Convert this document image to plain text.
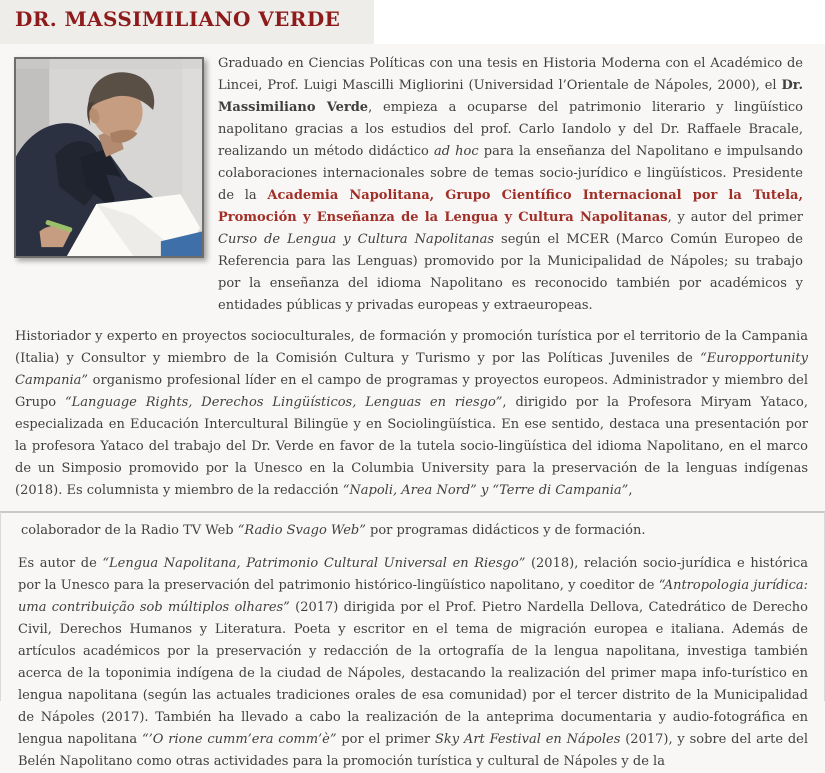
DR. MASSIMILIANO VERDE
Graduado en Ciencias Políticas con una tesis en Historia Moderna con el Académico de Lincei, Prof. Luigi Mascilli Migliorini (Universidad l’Orientale de Nápoles, 2000), el Dr. Massimiliano Verde, empieza a ocuparse del patrimonio literario y lingüístico napolitano gracias a los estudios del prof. Carlo Iandolo y del Dr. Raffaele Bracale, realizando un método didáctico ad hoc para la enseñanza del Napolitano e impulsando colaboraciones internacionales sobre de temas socio-jurídico e lingüísticos. Presidente de la Academia Napolitana, Grupo Científico Internacional por la Tutela, Promoción y Enseñanza de la Lengua y Cultura Napolitanas, y autor del primer Curso de Lengua y Cultura Napolitanas según el MCER (Marco Común Europeo de Referencia para las Lenguas) promovido por la Municipalidad de Nápoles; su trabajo por la enseñanza del idioma Napolitano es reconocido también por académicos y entidades públicas y privadas europeas y extraeuropeas.
Historiador y experto en proyectos socioculturales, de formación y promoción turística por el territorio de la Campania (Italia) y Consultor y miembro de la Comisión Cultura y Turismo y por las Políticas Juveniles de “Europportunity Campania” organismo profesional líder en el campo de programas y proyectos europeos. Administrador y miembro del Grupo “Language Rights, Derechos Lingüísticos, Lenguas en riesgo”, dirigido por la Profesora Miryam Yataco, especializada en Educación Intercultural Bilingüe y en Sociolingüística. En ese sentido, destaca una presentación por la profesora Yataco del trabajo del Dr. Verde en favor de la tutela socio-lingüística del idioma Napolitano, en el marco de un Simposio promovido por la Unesco en la Columbia University para la preservación de la lenguas indígenas (2018). Es columnista y miembro de la redacción “Napoli, Area Nord” y “Terre di Campania”,
colaborador de la Radio TV Web “Radio Svago Web” por programas didácticos y de formación.
Es autor de “Lengua Napolitana, Patrimonio Cultural Universal en Riesgo” (2018), relación socio-jurídica e histórica por la Unesco para la preservación del patrimonio histórico-lingüístico napolitano, y coeditor de “Antropologia jurídica: uma contribuição sob múltiplos olhares” (2017) dirigida por el Prof. Pietro Nardella Dellova, Catedrático de Derecho Civil, Derechos Humanos y Literatura. Poeta y escritor en el tema de migración europea e italiana. Además de artículos académicos por la preservación y redacción de la ortografía de la lengua napolitana, investiga también acerca de la toponimia indígena de la ciudad de Nápoles, destacando la realización del primer mapa info-turístico en lengua napolitana (según las actuales tradiciones orales de esa comunidad) por el tercer distrito de la Municipalidad de Nápoles (2017). También ha llevado a cabo la realización de la anteprima documentaria y audio-fotográfica en lengua napolitana “’O rione cumm’era comm’è” por el primer Sky Art Festival en Nápoles (2017), y sobre del arte del Belén Napolitano como otras actividades para la promoción turística y cultural de Nápoles y de la
